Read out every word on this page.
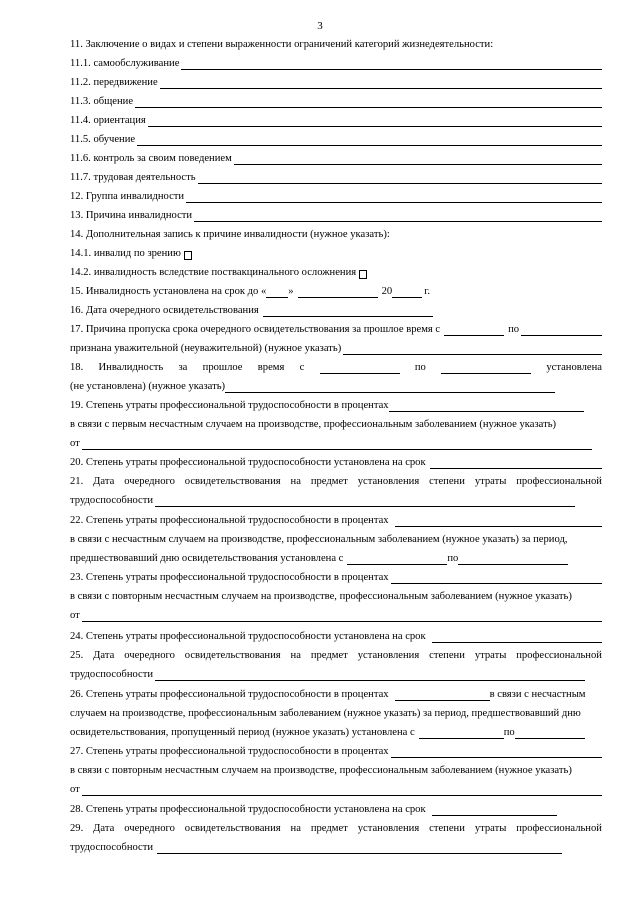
3
11. Заключение о видах и степени выраженности ограничений категорий жизнедеятельности:
11.1. самообслуживание
11.2. передвижение
11.3. общение
11.4. ориентация
11.5. обучение
11.6. контроль за своим поведением
11.7. трудовая деятельность
12. Группа инвалидности
13. Причина инвалидности
14. Дополнительная запись к причине инвалидности (нужное указать):
14.1. инвалид по зрению
14.2. инвалидность вследствие поствакцинального осложнения
15. Инвалидность установлена на срок до « »	20	г.
16. Дата очередного освидетельствования
17. Причина пропуска срока очередного освидетельствования за прошлое время с	по
признана уважительной (неуважительной) (нужное указать)
18. Инвалидность за прошлое время с	по	установлена
(не установлена) (нужное указать)
19. Степень утраты профессиональной трудоспособности в процентах
в связи с первым несчастным случаем на производстве, профессиональным заболеванием (нужное указать)
от
20. Степень утраты профессиональной трудоспособности установлена на срок
21. Дата очередного освидетельствования на предмет установления степени утраты профессиональной
трудоспособности
22. Степень утраты профессиональной трудоспособности в процентах
в связи с несчастным случаем на производстве, профессиональным заболеванием (нужное указать) за период,
предшествовавший дню освидетельствования установлена с	по
23. Степень утраты профессиональной трудоспособности в процентах
в связи с повторным несчастным случаем на производстве, профессиональным заболеванием (нужное указать)
от
24. Степень утраты профессиональной трудоспособности установлена на срок
25. Дата очередного освидетельствования на предмет установления степени утраты профессиональной
трудоспособности
26. Степень утраты профессиональной трудоспособности в процентах	в связи с несчастным
случаем на производстве, профессиональным заболеванием (нужное указать) за период, предшествовавший дню
освидетельствования, пропущенный период (нужное указать) установлена с	по
27. Степень утраты профессиональной трудоспособности в процентах
в связи с повторным несчастным случаем на производстве, профессиональным заболеванием (нужное указать)
от
28. Степень утраты профессиональной трудоспособности установлена на срок
29. Дата очередного освидетельствования на предмет установления степени утраты профессиональной
трудоспособности
